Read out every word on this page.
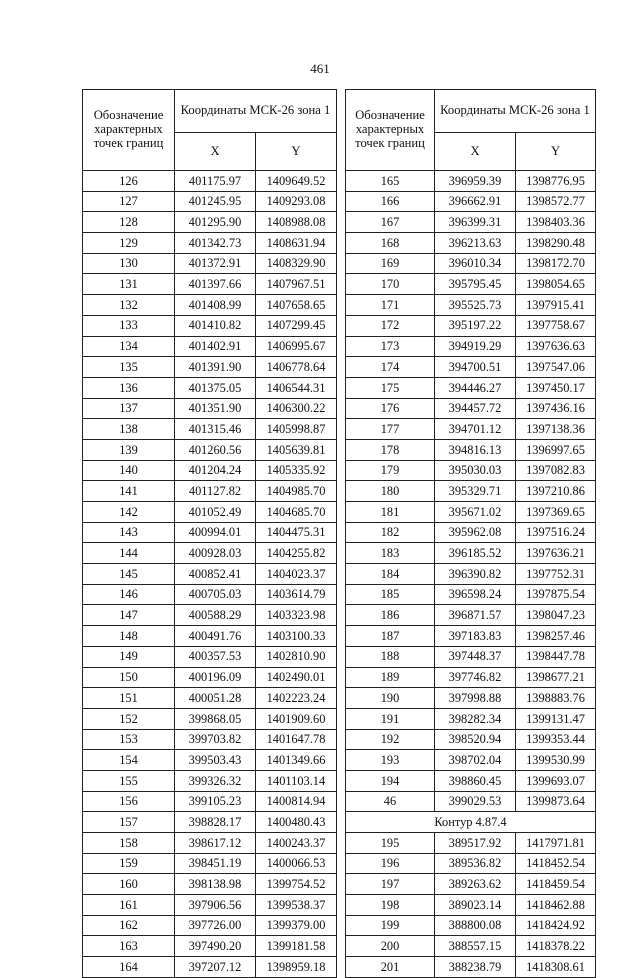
461
Обозначение характерных точек границ	Координаты МСК-26 зона 1	
	X	Y
126	401175.97	1409649.52
127	401245.95	1409293.08
128	401295.90	1408988.08
129	401342.73	1408631.94
130	401372.91	1408329.90
131	401397.66	1407967.51
132	401408.99	1407658.65
133	401410.82	1407299.45
134	401402.91	1406995.67
135	401391.90	1406778.64
136	401375.05	1406544.31
137	401351.90	1406300.22
138	401315.46	1405998.87
139	401260.56	1405639.81
140	401204.24	1405335.92
141	401127.82	1404985.70
142	401052.49	1404685.70
143	400994.01	1404475.31
144	400928.03	1404255.82
145	400852.41	1404023.37
146	400705.03	1403614.79
147	400588.29	1403323.98
148	400491.76	1403100.33
149	400357.53	1402810.90
150	400196.09	1402490.01
151	400051.28	1402223.24
152	399868.05	1401909.60
153	399703.82	1401647.78
154	399503.43	1401349.66
155	399326.32	1401103.14
156	399105.23	1400814.94
157	398828.17	1400480.43
158	398617.12	1400243.37
159	398451.19	1400066.53
160	398138.98	1399754.52
161	397906.56	1399538.37
162	397726.00	1399379.00
163	397490.20	1399181.58
164	397207.12	1398959.18
Обозначение характерных точек границ	Координаты МСК-26 зона 1	
	X	Y
165	396959.39	1398776.95
166	396662.91	1398572.77
167	396399.31	1398403.36
168	396213.63	1398290.48
169	396010.34	1398172.70
170	395795.45	1398054.65
171	395525.73	1397915.41
172	395197.22	1397758.67
173	394919.29	1397636.63
174	394700.51	1397547.06
175	394446.27	1397450.17
176	394457.72	1397436.16
177	394701.12	1397138.36
178	394816.13	1396997.65
179	395030.03	1397082.83
180	395329.71	1397210.86
181	395671.02	1397369.65
182	395962.08	1397516.24
183	396185.52	1397636.21
184	396390.82	1397752.31
185	396598.24	1397875.54
186	396871.57	1398047.23
187	397183.83	1398257.46
188	397448.37	1398447.78
189	397746.82	1398677.21
190	397998.88	1398883.76
191	398282.34	1399131.47
192	398520.94	1399353.44
193	398702.04	1399530.99
194	398860.45	1399693.07
46	399029.53	1399873.64
Контур 4.87.4		
195	389517.92	1417971.81
196	389536.82	1418452.54
197	389263.62	1418459.54
198	389023.14	1418462.88
199	388800.08	1418424.92
200	388557.15	1418378.22
201	388238.79	1418308.61
